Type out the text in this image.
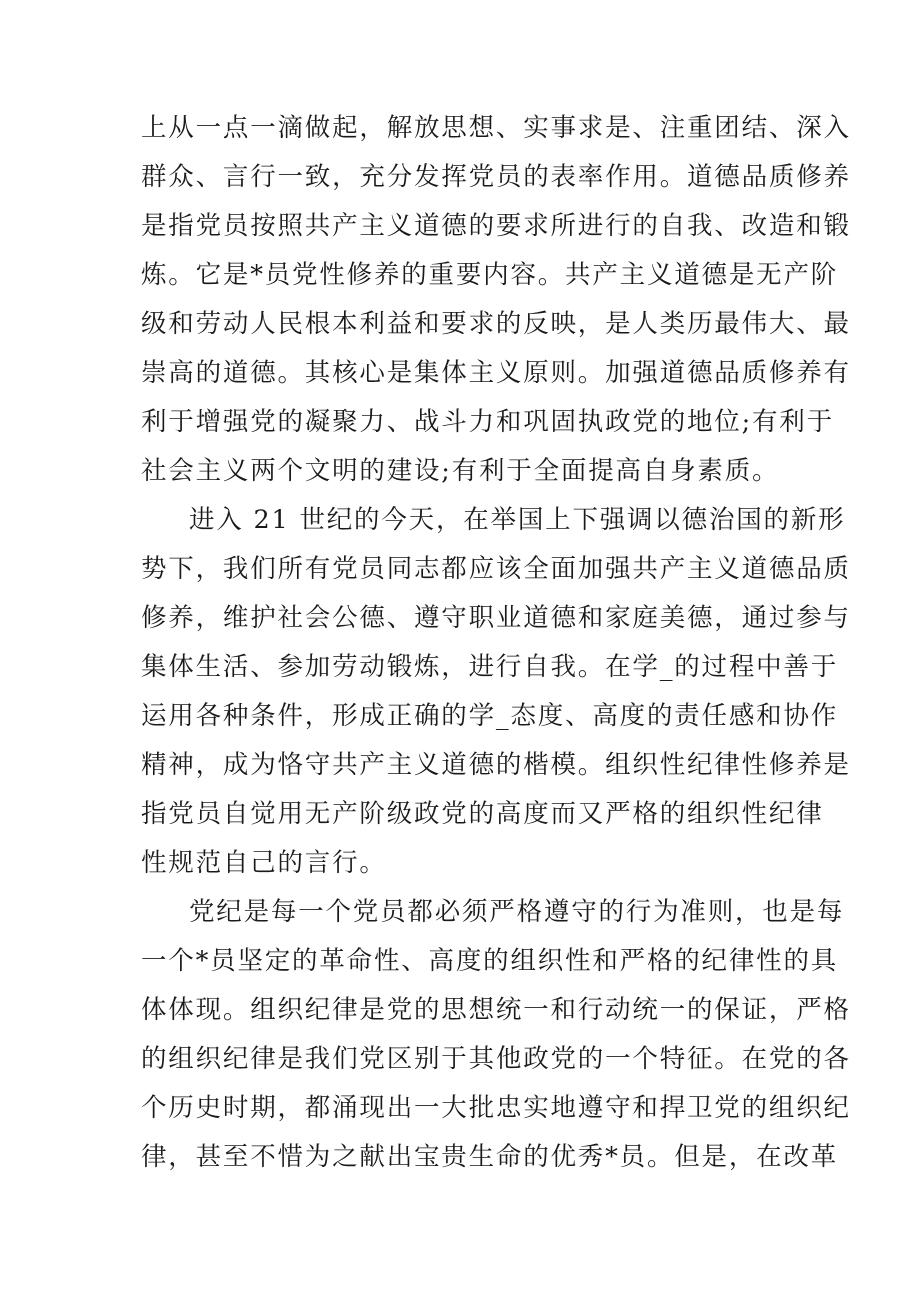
上从一点一滴做起，解放思想、实事求是、注重团结、深入
群众、言行一致，充分发挥党员的表率作用。道德品质修养
是指党员按照共产主义道德的要求所进行的自我、改造和锻
炼。它是*员党性修养的重要内容。共产主义道德是无产阶
级和劳动人民根本利益和要求的反映，是人类历最伟大、最
崇高的道德。其核心是集体主义原则。加强道德品质修养有
利于增强党的凝聚力、战斗力和巩固执政党的地位;有利于
社会主义两个文明的建设;有利于全面提高自身素质。
进入 21 世纪的今天，在举国上下强调以德治国的新形
势下，我们所有党员同志都应该全面加强共产主义道德品质
修养，维护社会公德、遵守职业道德和家庭美德，通过参与
集体生活、参加劳动锻炼，进行自我。在学_的过程中善于
运用各种条件，形成正确的学_态度、高度的责任感和协作
精神，成为恪守共产主义道德的楷模。组织性纪律性修养是
指党员自觉用无产阶级政党的高度而又严格的组织性纪律
性规范自己的言行。
党纪是每一个党员都必须严格遵守的行为准则，也是每
一个*员坚定的革命性、高度的组织性和严格的纪律性的具
体体现。组织纪律是党的思想统一和行动统一的保证，严格
的组织纪律是我们党区别于其他政党的一个特征。在党的各
个历史时期，都涌现出一大批忠实地遵守和捍卫党的组织纪
律，甚至不惜为之献出宝贵生命的优秀*员。但是，在改革
